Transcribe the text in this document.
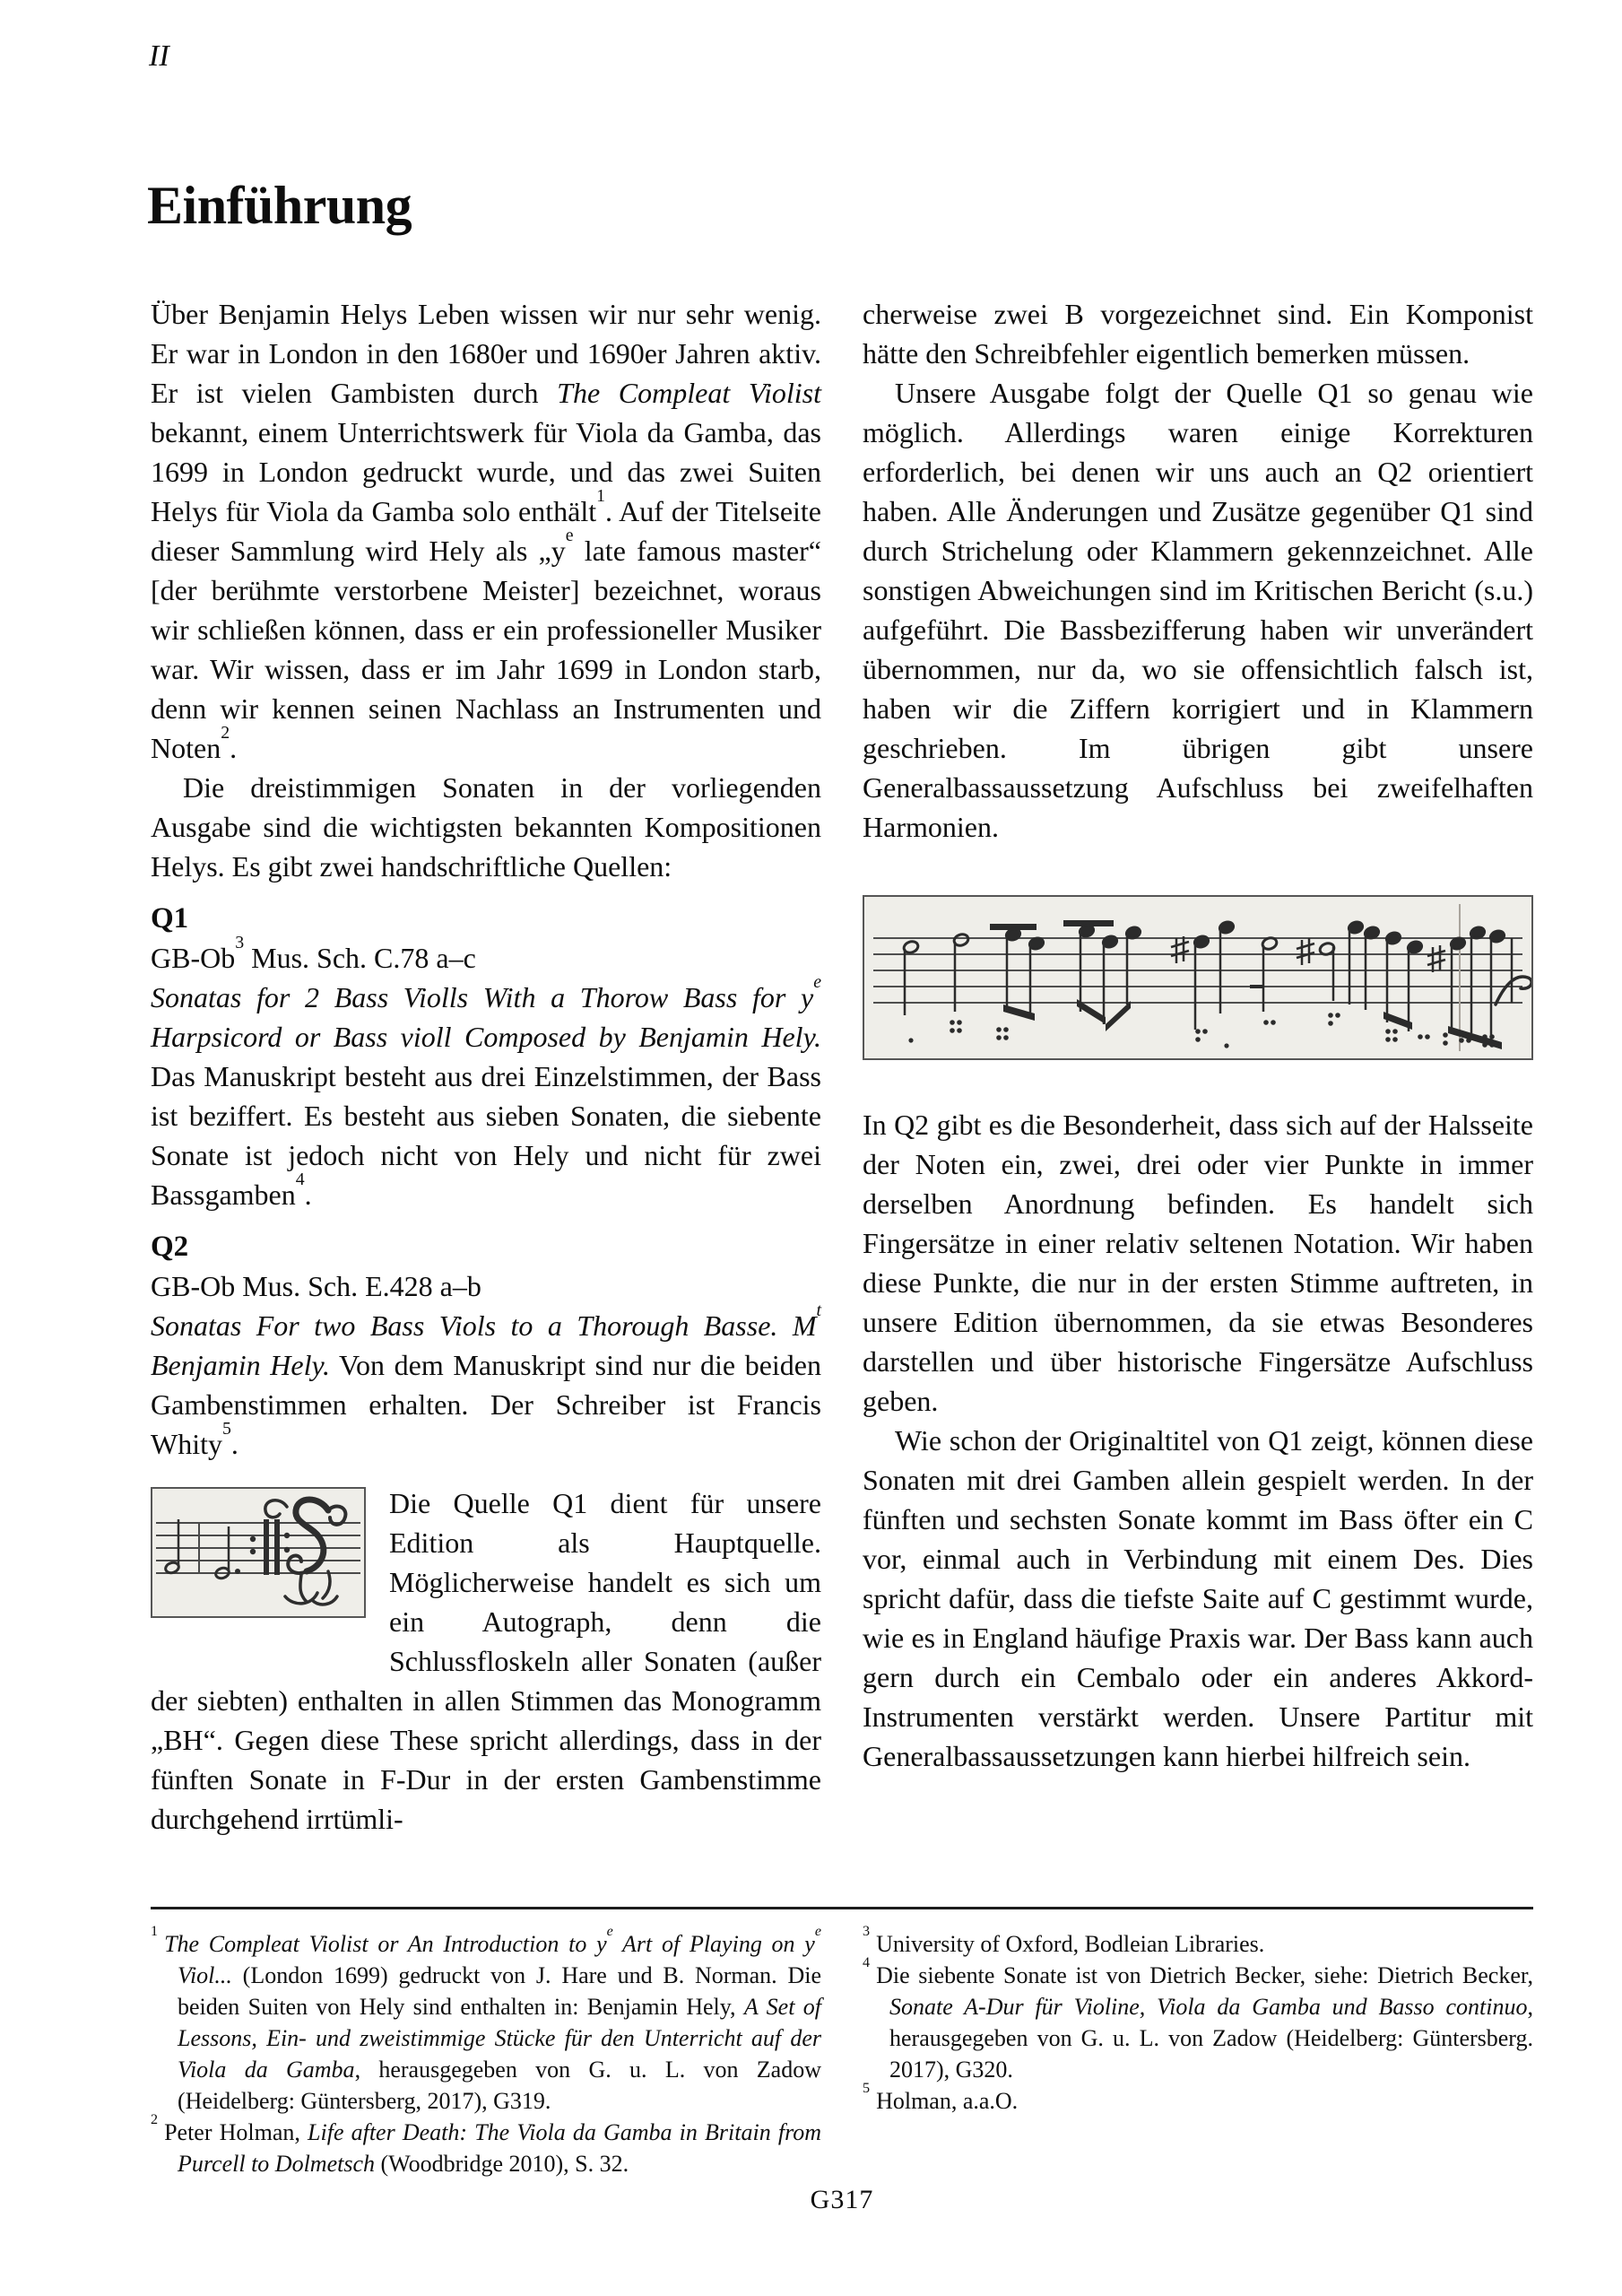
II
Einführung

Über Benjamin Helys Leben wissen wir nur sehr wenig. Er war in London in den 1680er und 1690er Jahren aktiv. Er ist vielen Gambisten durch The Compleat Violist bekannt, einem Unterrichtswerk für Viola da Gamba, das 1699 in London gedruckt wurde, und das zwei Suiten Helys für Viola da Gamba solo enthält$^1$. Auf der Titelseite dieser Sammlung wird Hely als $„y^e$ late famous master“ [der berühmte verstorbene Meister] bezeichnet, woraus wir schließen können, dass er ein professioneller Musiker war. Wir wissen, dass er im Jahr 1699 in London starb, denn wir kennen seinen Nachlass an Instrumenten und Noten$^2$.

Die dreistimmigen Sonaten in der vorliegenden Ausgabe sind die wichtigsten bekannten Kompositionen Helys. Es gibt zwei handschriftliche Quellen:

Q1

GB-Ob$^3$ Mus. Sch. C.78 a–c

Sonatas for 2 Bass Violls With a Thorow Bass for $y^e$ Harpsicord or Bass violl Composed by Benjamin Hely. Das Manuskript besteht aus drei Einzelstimmen, der Bass ist beziffert. Es besteht aus sieben Sonaten, die siebente Sonate ist jedoch nicht von Hely und nicht für zwei Bassgamben$^4$.

Q2

GB-Ob Mus. Sch. E.428 a–b

Sonatas For two Bass Viols to a Thorough Basse. $M^t$ Benjamin Hely. Von dem Manuskript sind nur die beiden Gambenstimmen erhalten. Der Schreiber ist Francis Whity$^5$.

Die Quelle Q1 dient für unsere Edition als Hauptquelle. Möglicherweise handelt es sich um ein Autograph, denn die Schlussfloskeln aller Sonaten (außer der siebten) enthalten in allen Stimmen das Monogramm „BH“. Gegen diese These spricht allerdings, dass in der fünften Sonate in F-Dur in der ersten Gambenstimme durchgehend irrtümli-

cherweise zwei B vorgezeichnet sind. Ein Komponist hätte den Schreibfehler eigentlich bemerken müssen.

Unsere Ausgabe folgt der Quelle Q1 so genau wie möglich. Allerdings waren einige Korrekturen erforderlich, bei denen wir uns auch an Q2 orientiert haben. Alle Änderungen und Zusätze gegenüber Q1 sind durch Strichelung oder Klammern gekennzeichnet. Alle sonstigen Abweichungen sind im Kritischen Bericht (s.u.) aufgeführt. Die Bassbezifferung haben wir unverändert übernommen, nur da, wo sie offensichtlich falsch ist, haben wir die Ziffern korrigiert und in Klammern geschrieben. Im übrigen gibt unsere Generalbassaussetzung Aufschluss bei zweifelhaften Harmonien.

In Q2 gibt es die Besonderheit, dass sich auf der Halsseite der Noten ein, zwei, drei oder vier Punkte in immer derselben Anordnung befinden. Es handelt sich Fingersätze in einer relativ seltenen Notation. Wir haben diese Punkte, die nur in der ersten Stimme auftreten, in unsere Edition übernommen, da sie etwas Besonderes darstellen und über historische Fingersätze Aufschluss geben.

Wie schon der Originaltitel von Q1 zeigt, können diese Sonaten mit drei Gamben allein gespielt werden. In der fünften und sechsten Sonate kommt im Bass öfter ein C vor, einmal auch in Verbindung mit einem Des. Dies spricht dafür, dass die tiefste Saite auf C gestimmt wurde, wie es in England häufige Praxis war. Der Bass kann auch gern durch ein Cembalo oder ein anderes Akkord-Instrumenten verstärkt werden. Unsere Partitur mit Generalbassaussetzungen kann hierbei hilfreich sein.

$^1$ The Compleat Violist or An Introduction to $y^e$ Art of Playing on $y^e$ Viol... (London 1699) gedruckt von J. Hare und B. Norman. Die beiden Suiten von Hely sind enthalten in: Benjamin Hely, A Set of Lessons, Ein- und zweistimmige Stücke für den Unterricht auf der Viola da Gamba, herausgegeben von G. u. L. von Zadow (Heidelberg: Güntersberg, 2017), G319.
$^2$ Peter Holman, Life after Death: The Viola da Gamba in Britain from Purcell to Dolmetsch (Woodbridge 2010), S. 32.
$^3$ University of Oxford, Bodleian Libraries.
$^4$ Die siebente Sonate ist von Dietrich Becker, siehe: Dietrich Becker, Sonate A-Dur für Violine, Viola da Gamba und Basso continuo, herausgegeben von G. u. L. von Zadow (Heidelberg: Güntersberg. 2017), G320.
$^5$ Holman, a.a.O.
G317
